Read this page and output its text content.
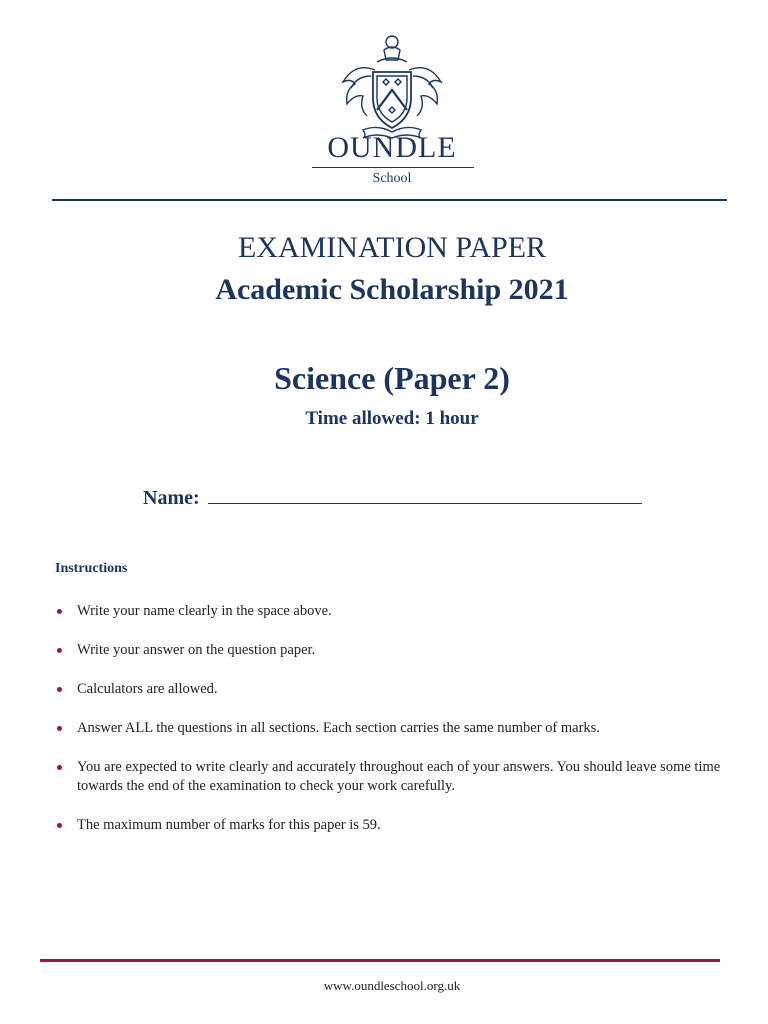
OUNDLE
School
EXAMINATION PAPER
Academic Scholarship 2021
Science (Paper 2)
Time allowed: 1 hour
Name:
Instructions
Write your name clearly in the space above.
Write your answer on the question paper.
Calculators are allowed.
Answer ALL the questions in all sections. Each section carries the same number of marks.
You are expected to write clearly and accurately throughout each of your answers. You should leave some time towards the end of the examination to check your work carefully.
The maximum number of marks for this paper is 59.
www.oundleschool.org.uk
